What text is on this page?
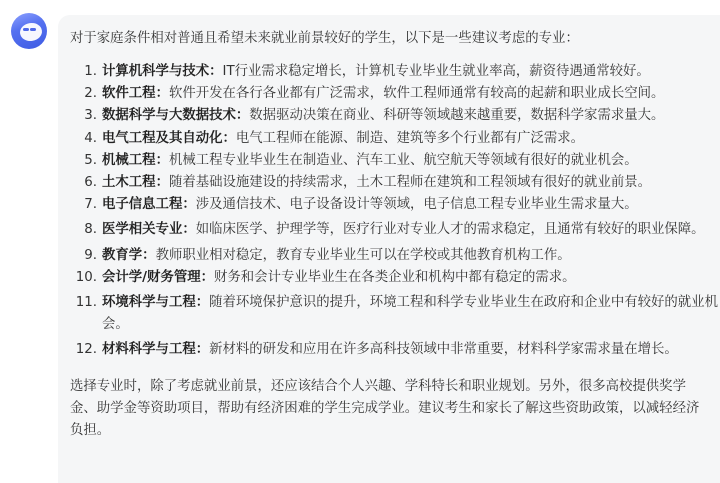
对于家庭条件相对普通且希望未来就业前景较好的学生，以下是一些建议考虑的专业：

1. 计算机科学与技术：IT行业需求稳定增长，计算机专业毕业生就业率高，薪资待遇通常较好。
2. 软件工程：软件开发在各行各业都有广泛需求，软件工程师通常有较高的起薪和职业成长空间。
3. 数据科学与大数据技术：数据驱动决策在商业、科研等领域越来越重要，数据科学家需求量大。
4. 电气工程及其自动化：电气工程师在能源、制造、建筑等多个行业都有广泛需求。
5. 机械工程：机械工程专业毕业生在制造业、汽车工业、航空航天等领域有很好的就业机会。
6. 土木工程：随着基础设施建设的持续需求，土木工程师在建筑和工程领域有很好的就业前景。
7. 电子信息工程：涉及通信技术、电子设备设计等领域，电子信息工程专业毕业生需求量大。
8. 医学相关专业：如临床医学、护理学等，医疗行业对专业人才的需求稳定，且通常有较好的职业保障。
9. 教育学：教师职业相对稳定，教育专业毕业生可以在学校或其他教育机构工作。
10. 会计学/财务管理：财务和会计专业毕业生在各类企业和机构中都有稳定的需求。
11. 环境科学与工程：随着环境保护意识的提升，环境工程和科学专业毕业生在政府和企业中有较好的就业机会。
12. 材料科学与工程：新材料的研发和应用在许多高科技领域中非常重要，材料科学家需求量在增长。

选择专业时，除了考虑就业前景，还应该结合个人兴趣、学科特长和职业规划。另外，很多高校提供奖学金、助学金等资助项目，帮助有经济困难的学生完成学业。建议考生和家长了解这些资助政策，以减轻经济负担。
